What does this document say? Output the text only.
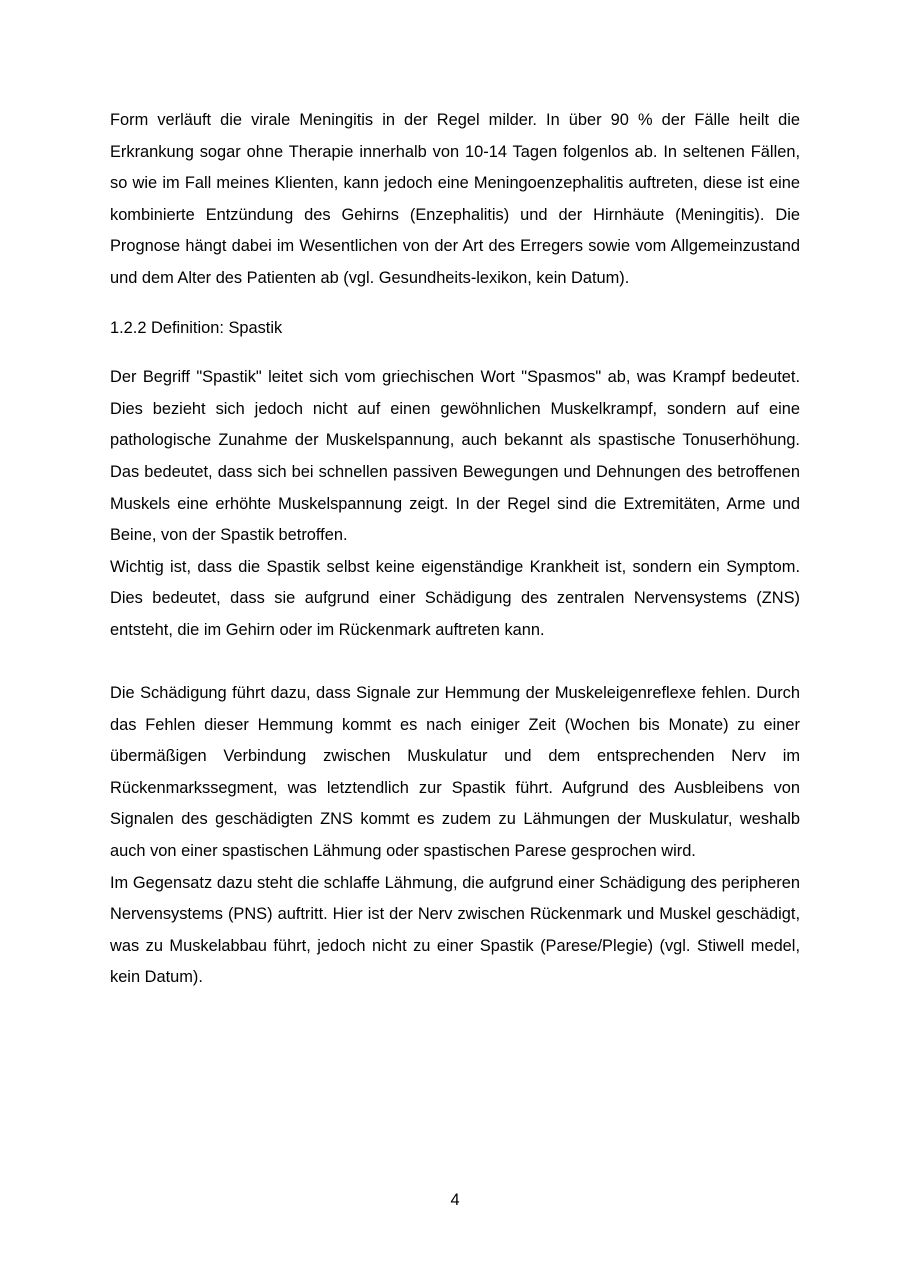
Form verläuft die virale Meningitis in der Regel milder. In über 90 % der Fälle heilt die Erkrankung sogar ohne Therapie innerhalb von 10-14 Tagen folgenlos ab. In seltenen Fällen, so wie im Fall meines Klienten, kann jedoch eine Meningoenzephalitis auftreten, diese ist eine kombinierte Entzündung des Gehirns (Enzephalitis) und der Hirnhäute (Meningitis). Die Prognose hängt dabei im Wesentlichen von der Art des Erregers sowie vom Allgemeinzustand und dem Alter des Patienten ab (vgl. Gesundheits-lexikon, kein Datum).

1.2.2 Definition: Spastik

Der Begriff "Spastik" leitet sich vom griechischen Wort "Spasmos" ab, was Krampf bedeutet. Dies bezieht sich jedoch nicht auf einen gewöhnlichen Muskelkrampf, sondern auf eine pathologische Zunahme der Muskelspannung, auch bekannt als spastische Tonuserhöhung. Das bedeutet, dass sich bei schnellen passiven Bewegungen und Dehnungen des betroffenen Muskels eine erhöhte Muskelspannung zeigt. In der Regel sind die Extremitäten, Arme und Beine, von der Spastik betroffen.

Wichtig ist, dass die Spastik selbst keine eigenständige Krankheit ist, sondern ein Symptom. Dies bedeutet, dass sie aufgrund einer Schädigung des zentralen Nervensystems (ZNS) entsteht, die im Gehirn oder im Rückenmark auftreten kann.

Die Schädigung führt dazu, dass Signale zur Hemmung der Muskeleigenreflexe fehlen. Durch das Fehlen dieser Hemmung kommt es nach einiger Zeit (Wochen bis Monate) zu einer übermäßigen Verbindung zwischen Muskulatur und dem entsprechenden Nerv im Rückenmarkssegment, was letztendlich zur Spastik führt. Aufgrund des Ausbleibens von Signalen des geschädigten ZNS kommt es zudem zu Lähmungen der Muskulatur, weshalb auch von einer spastischen Lähmung oder spastischen Parese gesprochen wird.

Im Gegensatz dazu steht die schlaffe Lähmung, die aufgrund einer Schädigung des peripheren Nervensystems (PNS) auftritt. Hier ist der Nerv zwischen Rückenmark und Muskel geschädigt, was zu Muskelabbau führt, jedoch nicht zu einer Spastik (Parese/Plegie) (vgl. Stiwell medel, kein Datum).

4
